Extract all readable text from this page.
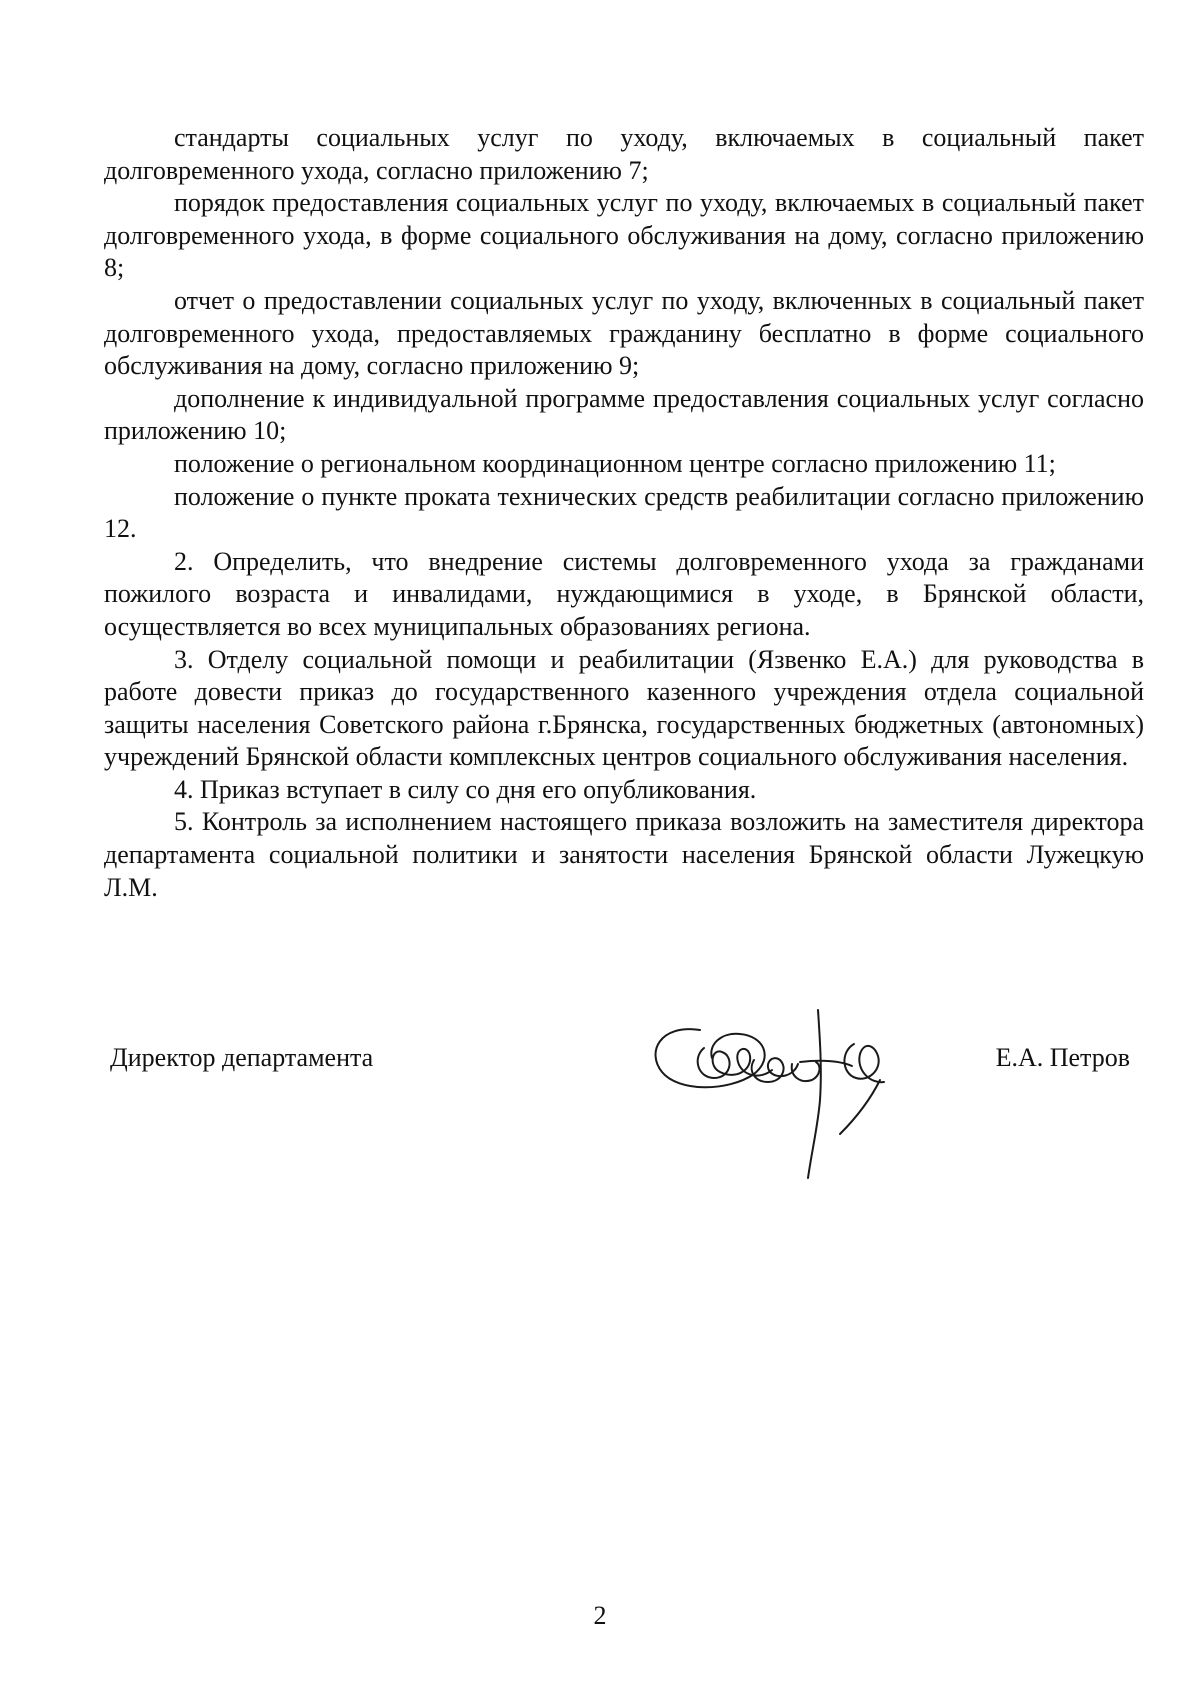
стандарты социальных услуг по уходу, включаемых в социальный пакет долговременного ухода, согласно приложению 7;

порядок предоставления социальных услуг по уходу, включаемых в социальный пакет долговременного ухода, в форме социального обслуживания на дому, согласно приложению 8;

отчет о предоставлении социальных услуг по уходу, включенных в социальный пакет долговременного ухода, предоставляемых гражданину бесплатно в форме социального обслуживания на дому, согласно приложению 9;

дополнение к индивидуальной программе предоставления социальных услуг согласно приложению 10;

положение о региональном координационном центре согласно приложению 11;

положение о пункте проката технических средств реабилитации согласно приложению 12.

2. Определить, что внедрение системы долговременного ухода за гражданами пожилого возраста и инвалидами, нуждающимися в уходе, в Брянской области, осуществляется во всех муниципальных образованиях региона.

3. Отделу социальной помощи и реабилитации (Язвенко Е.А.) для руководства в работе довести приказ до государственного казенного учреждения отдела социальной защиты населения Советского района г.Брянска, государственных бюджетных (автономных) учреждений Брянской области комплексных центров социального обслуживания населения.

4. Приказ вступает в силу со дня его опубликования.

5. Контроль за исполнением настоящего приказа возложить на заместителя директора департамента социальной политики и занятости населения Брянской области Лужецкую Л.М.

Директор департамента	Е.А. Петров
2
